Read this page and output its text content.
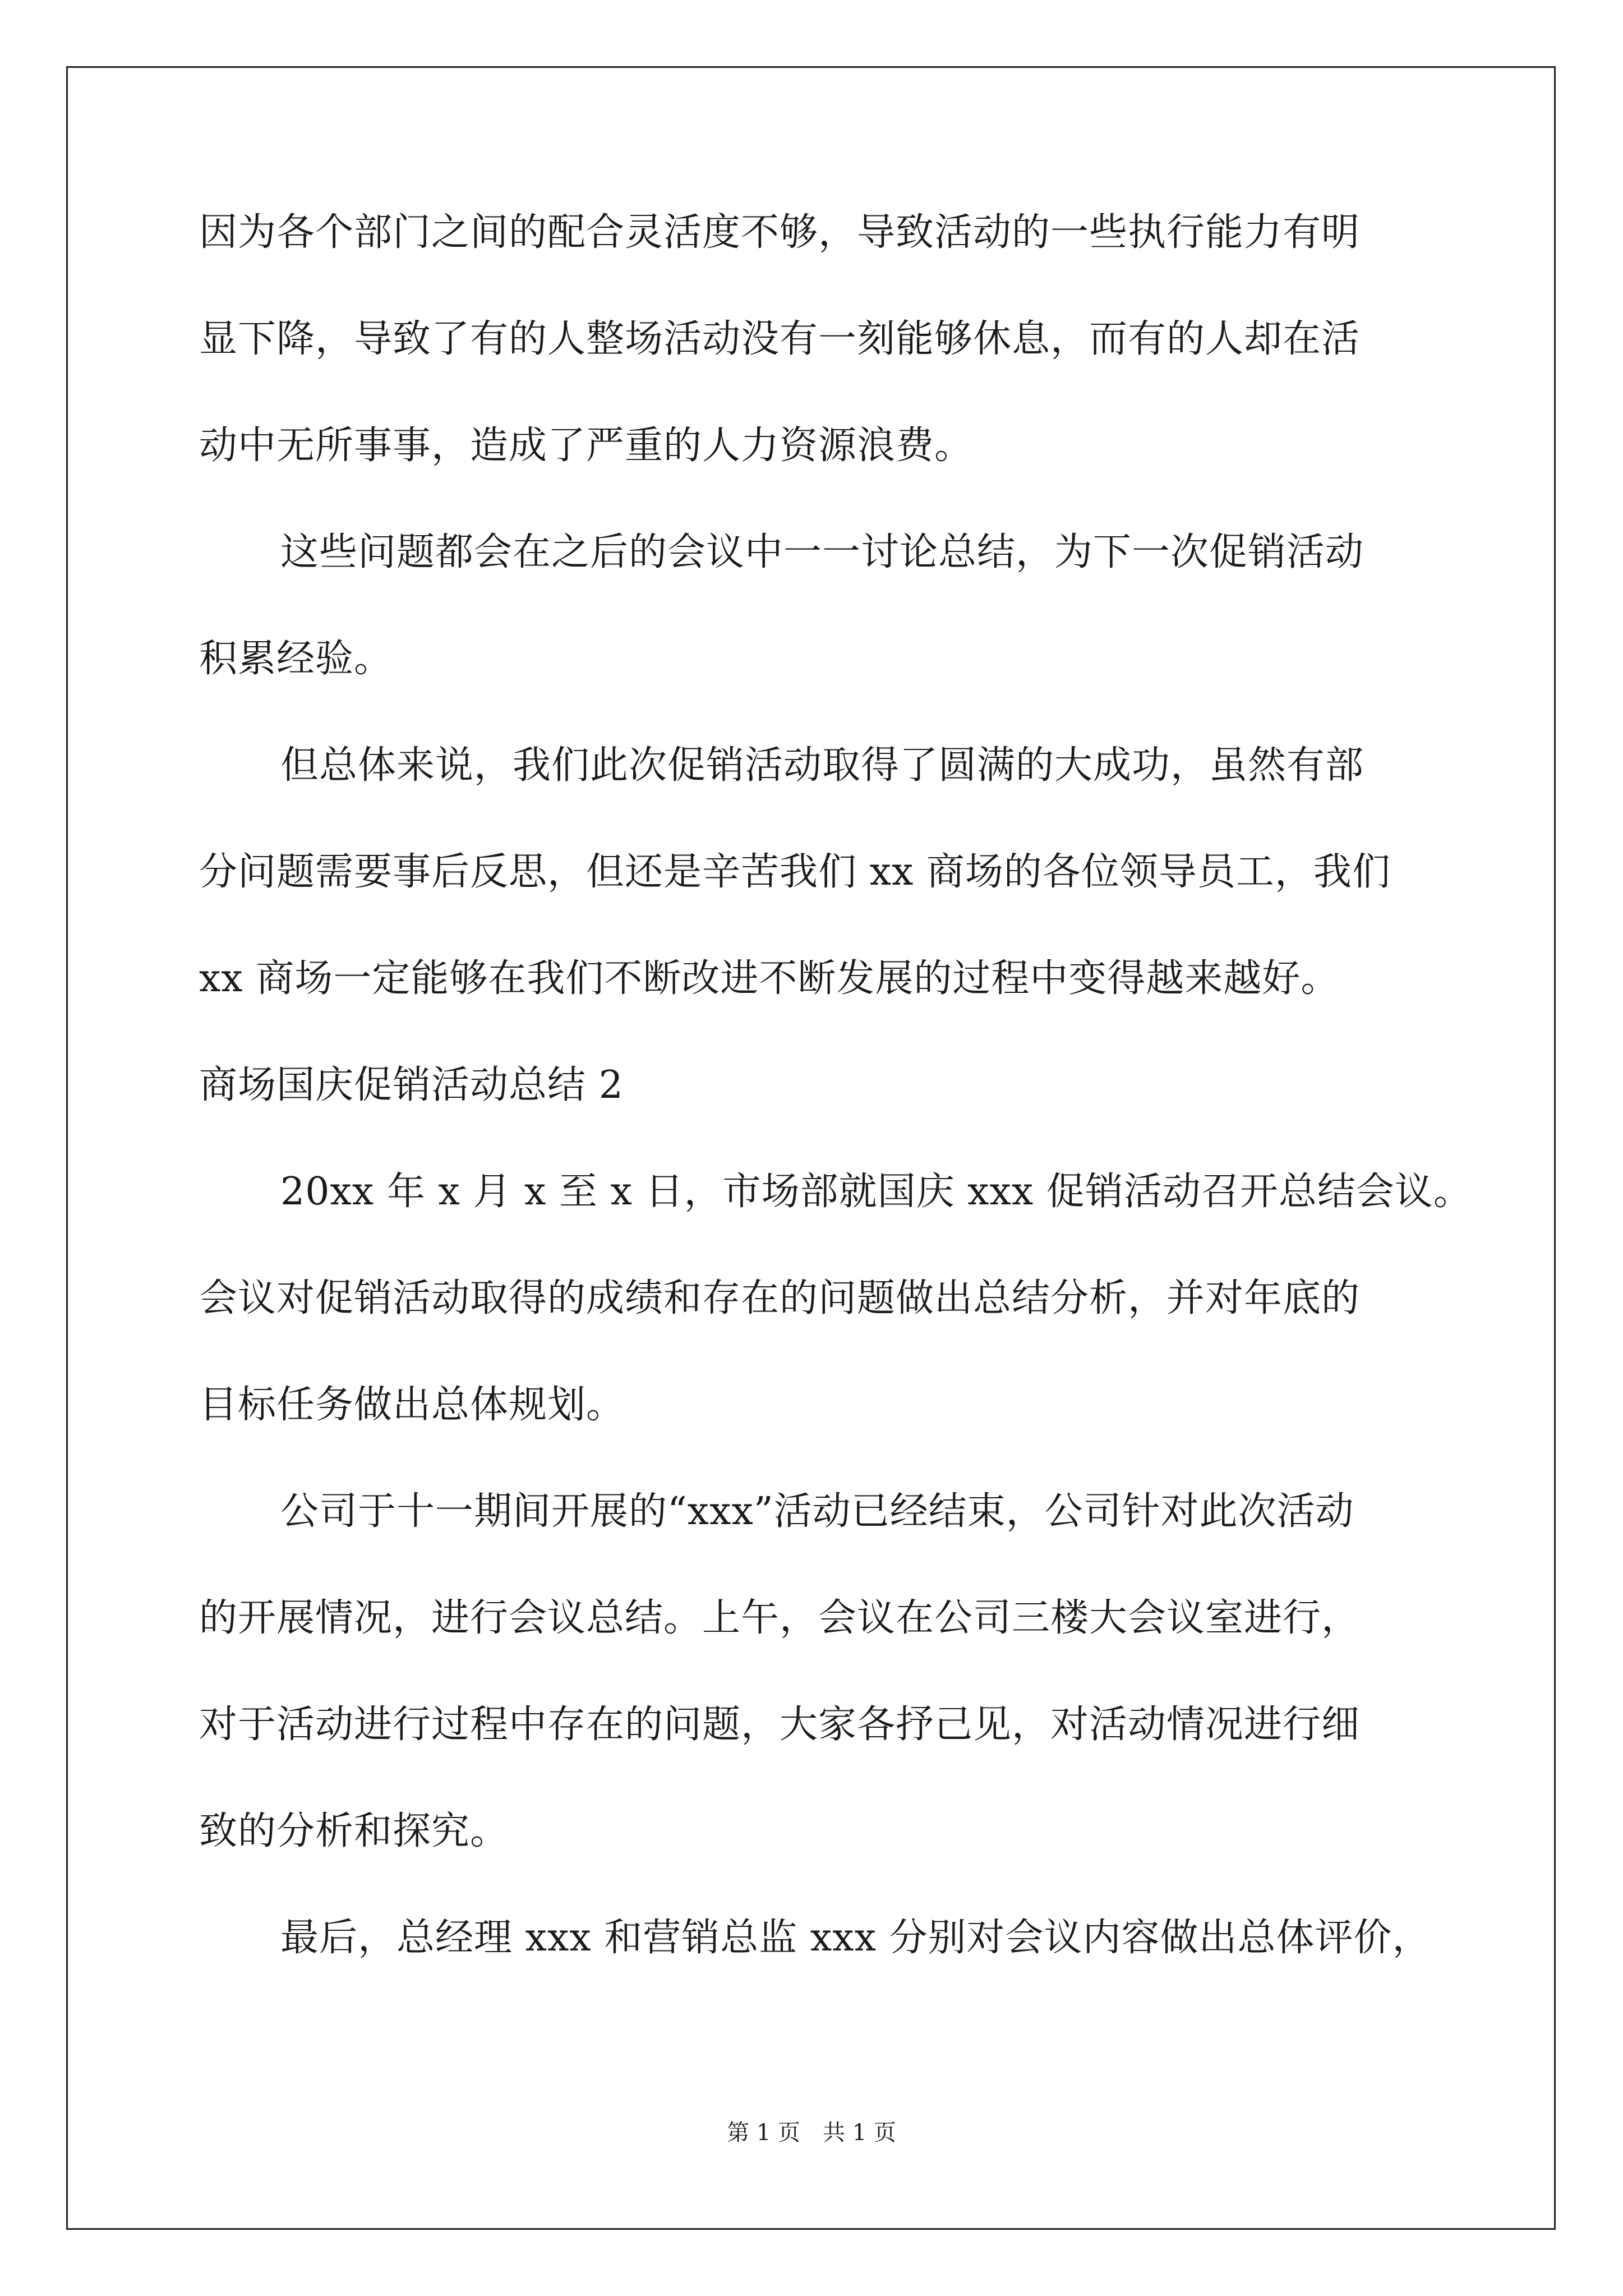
因为各个部门之间的配合灵活度不够，导致活动的一些执行能力有明
显下降，导致了有的人整场活动没有一刻能够休息，而有的人却在活
动中无所事事，造成了严重的人力资源浪费。
这些问题都会在之后的会议中一一讨论总结，为下一次促销活动
积累经验。
但总体来说，我们此次促销活动取得了圆满的大成功，虽然有部
分问题需要事后反思，但还是辛苦我们 xx 商场的各位领导员工，我们
xx 商场一定能够在我们不断改进不断发展的过程中变得越来越好。
商场国庆促销活动总结 2
20xx 年 x 月 x 至 x 日，市场部就国庆 xxx 促销活动召开总结会议。
会议对促销活动取得的成绩和存在的问题做出总结分析，并对年底的
目标任务做出总体规划。
公司于十一期间开展的“xxx”活动已经结束，公司针对此次活动
的开展情况，进行会议总结。上午，会议在公司三楼大会议室进行，
对于活动进行过程中存在的问题，大家各抒己见，对活动情况进行细
致的分析和探究。
最后，总经理 xxx 和营销总监 xxx 分别对会议内容做出总体评价，
第 1 页　共 1 页
